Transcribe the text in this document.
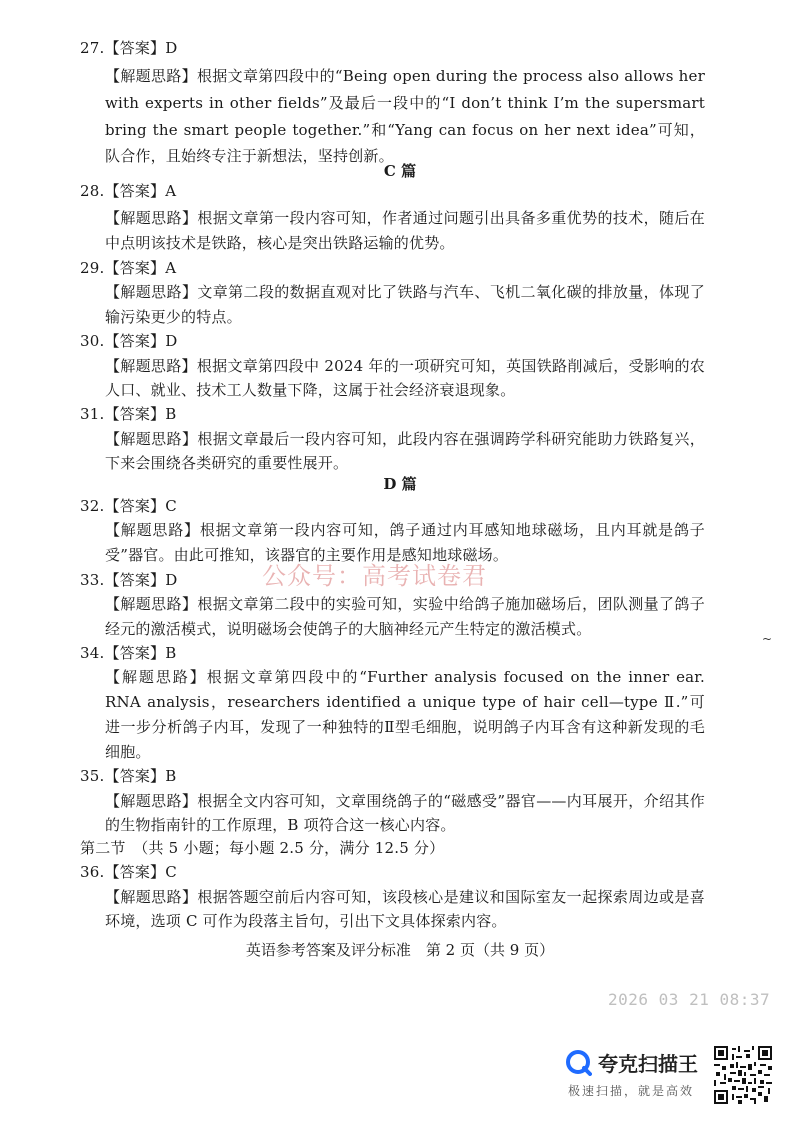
27.【答案】D
【解题思路】根据文章第四段中的“Being open during the process also allows her
with experts in other fields”及最后一段中的“I don’t think I’m the supersmart
bring the smart people together.”和“Yang can focus on her next idea”可知，
队合作，且始终专注于新想法，坚持创新。
C 篇
28.【答案】A
【解题思路】根据文章第一段内容可知，作者通过问题引出具备多重优势的技术，随后在
中点明该技术是铁路，核心是突出铁路运输的优势。
29.【答案】A
【解题思路】文章第二段的数据直观对比了铁路与汽车、飞机二氧化碳的排放量，体现了
输污染更少的特点。
30.【答案】D
【解题思路】根据文章第四段中 2024 年的一项研究可知，英国铁路削减后，受影响的农
人口、就业、技术工人数量下降，这属于社会经济衰退现象。
31.【答案】B
【解题思路】根据文章最后一段内容可知，此段内容在强调跨学科研究能助力铁路复兴，
下来会围绕各类研究的重要性展开。
D 篇
32.【答案】C
【解题思路】根据文章第一段内容可知，鸽子通过内耳感知地球磁场，且内耳就是鸽子
受”器官。由此可推知，该器官的主要作用是感知地球磁场。
公众号：高考试卷君
33.【答案】D
【解题思路】根据文章第二段中的实验可知，实验中给鸽子施加磁场后，团队测量了鸽子
经元的激活模式，说明磁场会使鸽子的大脑神经元产生特定的激活模式。
~
34.【答案】B
【解题思路】根据文章第四段中的“Further analysis focused on the inner ear.
RNA analysis，researchers identified a unique type of hair cell—type Ⅱ.”可
进一步分析鸽子内耳，发现了一种独特的Ⅱ型毛细胞，说明鸽子内耳含有这种新发现的毛
细胞。
35.【答案】B
【解题思路】根据全文内容可知，文章围绕鸽子的“磁感受”器官——内耳展开，介绍其作
的生物指南针的工作原理，B 项符合这一核心内容。
第二节　（共 5 小题；每小题 2.5 分，满分 12.5 分）
36.【答案】C
【解题思路】根据答题空前后内容可知，该段核心是建议和国际室友一起探索周边或是喜
环境，选项 C 可作为段落主旨句，引出下文具体探索内容。
英语参考答案及评分标准　第 2 页（共 9 页）
2026 03 21 08:37
夸克扫描王
极速扫描，就是高效
